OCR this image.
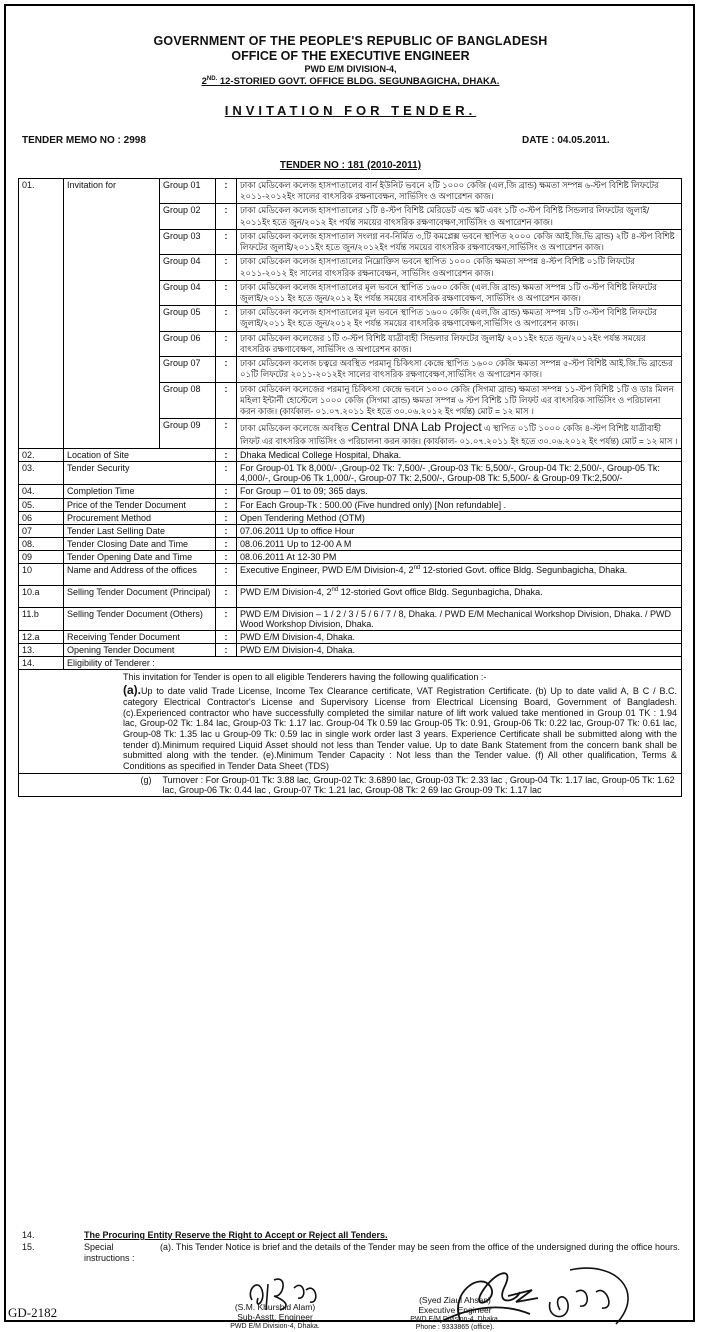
GOVERNMENT OF THE PEOPLE'S REPUBLIC OF BANGLADESH
OFFICE OF THE EXECUTIVE ENGINEER
PWD E/M DIVISION-4,
$2^{ND.}$ 12-STORIED GOVT. OFFICE BLDG. SEGUNBAGICHA, DHAKA.
INVITATION FOR TENDER.
TENDER MEMO NO : 2998	DATE : 04.05.2011.
TENDER NO : 181 (2010-2011)
01.	Invitation for	Group 01	:	ঢাকা মেডিকেল কলেজ হাসপাতালের বার্ন ইউনিট ভবনে ২টি ১০০০ কেজি (এল,জি ব্রান্ড) ক্ষমতা সম্পন্ন ৬-স্টপ বিশিষ্ট লিফটের ২০১১-২০১২ইং সালের বাৎসরিক রক্ষনাবেক্ষন, সার্ভিসিং ও অপারেশন কাজ।
		Group 02	:	ঢাকা মেডিকেল কলেজ হাসপাতালের ১টি ৪-স্টপ বিশিষ্ট মেরিডেট এন্ড স্কট এবং ১টি ৩-স্টপ বিশিষ্ট সিন্ডলার লিফটের জুলাই/২০১১ইং হতে জুন/২০১২ ইং পর্যন্ত সময়ের বাৎসরিক রক্ষণাবেক্ষণ,সার্ভিসিং ও অপারেশন কাজ।
		Group 03	:	ঢাকা মেডিকেল কলেজ হাসপাতাল সংলগ্ন নব-নির্মিত ৩,টি কমপ্লেক্স ভবনে স্থাপিত ২০০০ কেজি আই.জি.ভি ব্রান্ড) ২টি ৪-স্টপ বিশিষ্ট লিফটের জুলাই/২০১১ইং হতে জুন/২০১২ইং পর্যন্ত সময়ের বাৎসরিক রক্ষণাবেক্ষণ,সার্ভিসিং ও অপারেশন কাজ।
		Group 04	:	ঢাকা মেডিকেল কলেজ হাসপাতালের নিম্নোক্তিস ভবনে স্থাপিত ১০০০ কেজি ক্ষমতা সম্পন্ন ৪-স্টপ বিশিষ্ট ০১টি লিফটের ২০১১-২০১২ ইং সালের বাৎসরিক রক্ষনাবেক্ষন, সার্ভিসিং ওঅপারেশন কাজ।
		Group 04	:	ঢাকা মেডিকেল কলেজ হাসপাতালের মূল ভবনে স্থাপিত ১৬০০ কেজি (এল.জি ব্রান্ড) ক্ষমতা সম্পন্ন ১টি ৩-স্টপ বিশিষ্ট লিফটের জুলাই/২০১১ ইং হতে জুন/২০১২ ইং পর্যন্ত সময়ের বাৎসরিক রক্ষণাবেক্ষণ, সার্ভিসিং ও অপারেশন কাজ।
		Group 05	:	ঢাকা মেডিকেল কলেজ হাসপাতালের মূল ভবনে স্থাপিত ১৬০০ কেজি (এল,জি ব্রান্ড) ক্ষমতা সম্পন্ন ১টি ৩-স্টপ বিশিষ্ট লিফটের জুলাই/২০১১ ইং হতে জুন/২০১২ ইং পর্যন্ত সময়ের বাৎসরিক রক্ষণাবেক্ষণ,সার্ভিসিং ও অপারেশন কাজ।
		Group 06	:	ঢাকা মেডিকেল কলেজের ১টি ৩-স্টপ বিশিষ্ট যাত্রীবাহী সিন্ডলার লিফটের জুলাই/ ২০১১ইং হতে জুন/২০১২ইং পর্যন্ত সময়ের বাৎসরিক রক্ষণাবেক্ষণ, সার্ভিসিং ও অপারেশন কাজ।
		Group 07	:	ঢাকা মেডিকেল কলেজ চত্বরে অবস্থিত পরমানু চিকিৎসা কেন্দ্রে স্থাপিত ১৬০০ কেজি ক্ষমতা সম্পন্ন ৫-স্টপ বিশিষ্ট আই.জি.ভি ব্রান্ডের ০১টি লিফটের ২০১১-২০১২ইং সালের বাৎসরিক রক্ষণাবেক্ষণ,সার্ভিসিং ও অপারেশন কাজ।
		Group 08	:	ঢাকা মেডিকেল কলেজের পরমানু চিকিৎসা কেন্দ্রে ভবনে ১০০০ কেজি (সিগমা ব্রান্ড) ক্ষমতা সম্পন্ন ১১-স্টপ বিশিষ্ট ১টি ও ডাঃ মিলন মহিলা ইন্টার্নী হোস্টেলে ১০০০ কেজি (সিগমা ব্রান্ড) ক্ষমতা সম্পন্ন ৬ স্টপ বিশিষ্ট ১টি লিফট এর বাৎসরিক সার্ভিসিং ও পরিচালনা করন কাজ। (কার্যকাল- ০১.০৭.২০১১ ইং হতে ৩০.০৬.২০১২ ইং পর্যন্ত) মোট = ১২ মাস ।
		Group 09	:	ঢাকা মেডিকেল কলেজে অবস্থিত Central DNA Lab Project এ স্থাপিত ০১টি ১০০০ কেজি ৪-স্টপ বিশিষ্ট যাত্রীবাহী লিফট এর বাৎসরিক সার্ভিসিং ও পরিচালনা করন কাজ। (কার্যকাল- ০১.০৭.২০১১ ইং হতে ৩০.০৬.২০১২ ইং পর্যন্ত) মোট = ১২ মাস ।
02.	Location of Site		:	Dhaka Medical College Hospital, Dhaka.
03.	Tender Security		:	For Group-01 Tk 8,000/- ,Group-02 Tk: 7,500/- ,Group-03 Tk: 5,500/-, Group-04 Tk: 2,500/-, Group-05 Tk: 4,000/-, Group-06 Tk 1,000/-, Group-07 Tk: 2,500/-, Group-08 Tk: 5,500/- & Group-09 Tk:2,500/-
04.	Completion Time		:	For Group – 01 to 09; 365 days.
05.	Price of the Tender Document		:	For Each Group-Tk : 500.00 (Five hundred only) [Non refundable] .
06	Procurement Method		:	Open Tendering Method (OTM)
07	Tender Last Selling Date		:	07.06.2011 Up to office Hour
08.	Tender Closing Date and Time		:	08.06.2011 Up to 12-00 A M
09	Tender Opening Date and Time		:	08.06.2011 At 12-30 PM
10	Name and Address of the offices		:	Executive Engineer, PWD E/M Division-4, 2nd 12-storied Govt. office Bldg. Segunbagicha, Dhaka.
10.a	Selling Tender Document (Principal)		:	PWD E/M Division-4, 2nd 12-storied Govt office Bldg. Segunbagicha, Dhaka.
11.b	Selling Tender Document (Others)		:	PWD E/M Division – 1 / 2 / 3 / 5 / 6 / 7 / 8, Dhaka. / PWD E/M Mechanical Workshop Division, Dhaka. / PWD Wood Workshop Division, Dhaka.
12.a	Receiving Tender Document		:	PWD E/M Division-4, Dhaka.
13.	Opening Tender Document		:	PWD E/M Division-4, Dhaka.
14.	Eligibility of Tenderer :			

This invitation for Tender is open to all eligible Tenderers having the following qualification :-
(a).Up to date valid Trade License, Income Tex Clearance certificate, VAT Registration Certificate. (b) Up to date valid A, B C / B.C. category Electrical Contractor's License and Supervisory License from Electrical Licensing Board, Government of Bangladesh. (c).Experienced contractor who have successfully completed the similar nature of lift work valued take mentioned in Group 01 TK : 1.94 lac, Group-02 Tk: 1.84 lac, Group-03 Tk: 1.17 lac. Group-04 Tk 0.59 lac Group-05 Tk: 0.91, Group-06 Tk: 0.22 lac, Group-07 Tk: 0.61 lac, Group-08 Tk: 1.35 lac u Group-09 Tk: 0.59 lac in single work order last 3 years. Experience Certificate shall be submitted along with the tender d).Minimum required Liquid Asset should not less than Tender value. Up to date Bank Statement from the concern bank shall be submitted along with the tender. (e).Minimum Tender Capacity : Not less than the Tender value. (f) All other qualification, Terms & Conditions as specified in Tender Data Sheet (TDS)				
(g)		Turnover : For Group-01 Tk: 3.88 lac, Group-02 Tk: 3.6890 lac, Group-03 Tk: 2.33 lac , Group-04 Tk: 1.17 lac, Group-05 Tk: 1.62 lac, Group-06 Tk: 0.44 lac , Group-07 Tk: 1.21 lac, Group-08 Tk: 2 69 lac Group-09 Tk: 1.17 lac		
14.	The Procuring Entity Reserve the Right to Accept or Reject all Tenders.
15.	Special instructions :
(a). This Tender Notice is brief and the details of the Tender may be seen from the office of the undersigned during the office hours.
(S.M. Khurshid Alam)
Sub-Asstt. Engineer
PWD E/M Division-4, Dhaka.
(Syed Ziaul Ahsan)
Executive Engineer
PWD E/M Division-4, Dhaka.
Phone : 9333865 (office).
GD-2182
